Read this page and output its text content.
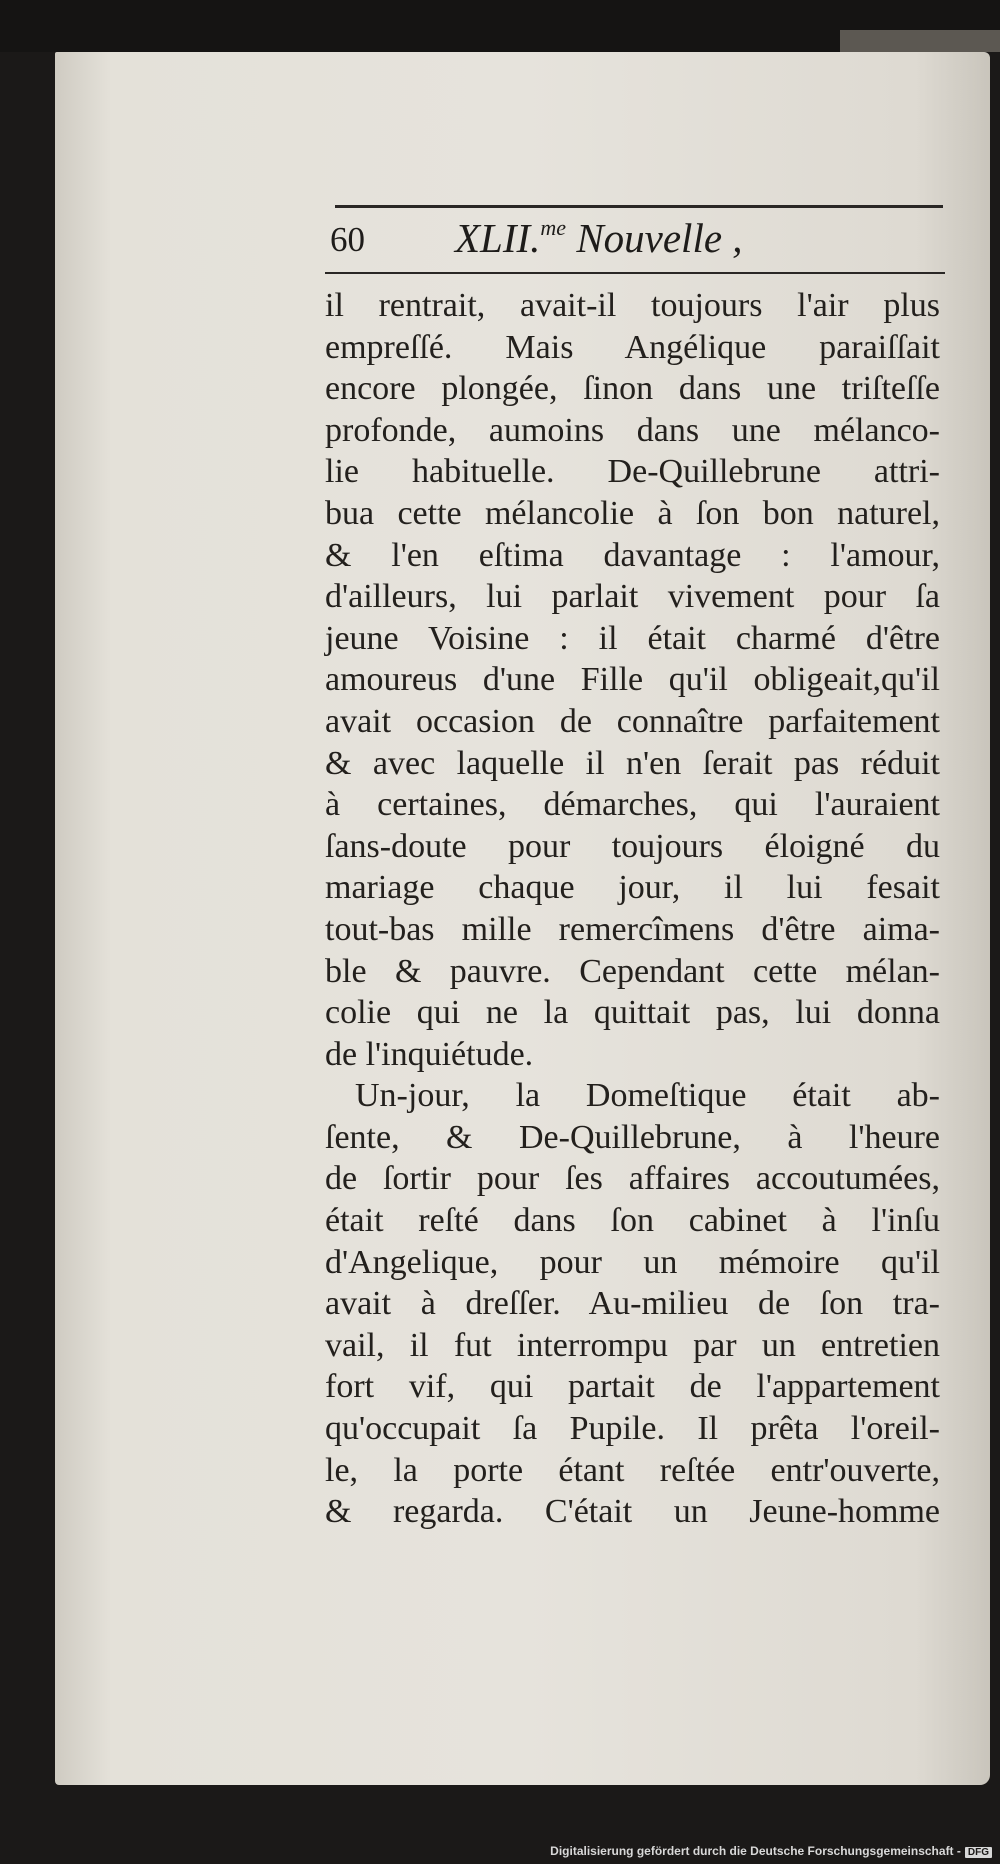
60 XLII.$^{me}$ Nouvelle ,
il rentrait, avait-il toujours l'air plus
empreſſé. Mais Angélique paraiſſait
encore plongée, ſinon dans une triſteſſe
profonde, aumoins dans une mélanco-
lie habituelle. De-Quillebrune attri-
bua cette mélancolie à ſon bon naturel,
& l'en eſtima davantage : l'amour,
d'ailleurs, lui parlait vivement pour ſa
jeune Voisine : il était charmé d'être
amoureus d'une Fille qu'il obligeait,qu'il
avait occasion de connaître parfaitement
& avec laquelle il n'en ſerait pas réduit
à certaines, démarches, qui l'auraient
ſans-doute pour toujours éloigné du
mariage chaque jour, il lui fesait
tout-bas mille remercîmens d'être aima-
ble & pauvre. Cependant cette mélan-
colie qui ne la quittait pas, lui donna
de l'inquiétude.
Un-jour, la Domeſtique était ab-
ſente, & De-Quillebrune, à l'heure
de ſortir pour ſes affaires accoutumées,
était reſté dans ſon cabinet à l'inſu
d'Angelique, pour un mémoire qu'il
avait à dreſſer. Au-milieu de ſon tra-
vail, il fut interrompu par un entretien
fort vif, qui partait de l'appartement
qu'occupait ſa Pupile. Il prêta l'oreil-
le, la porte étant reſtée entr'ouverte,
& regarda. C'était un Jeune-homme
Digitalisierung gefördert durch die Deutsche Forschungsgemeinschaft - DFG
